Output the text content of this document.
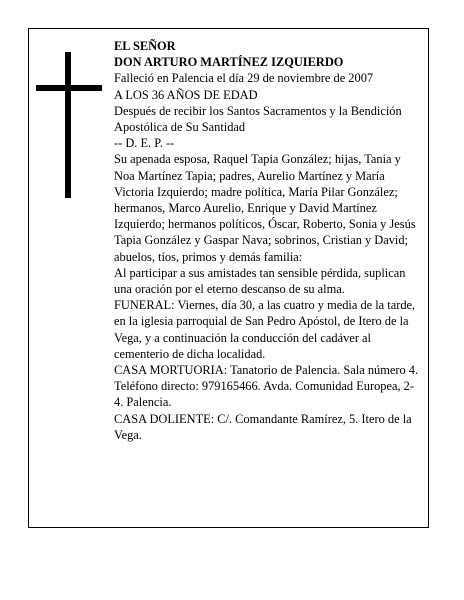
EL SEÑOR

DON ARTURO MARTÍNEZ IZQUIERDO

Falleció en Palencia el día 29 de noviembre de 2007

A LOS 36 AÑOS DE EDAD

Después de recibir los Santos Sacramentos y la Bendición Apostólica de Su Santidad

-- D. E. P. --

Su apenada esposa, Raquel Tapia González; hijas, Tania y Noa Martínez Tapia; padres, Aurelio Martínez y María Victoria Izquierdo; madre política, María Pilar González; hermanos, Marco Aurelio, Enrique y David Martínez Izquierdo; hermanos políticos, Óscar, Roberto, Sonia y Jesús Tapia González y Gaspar Nava; sobrinos, Cristian y David; abuelos, tíos, primos y demás familia:

Al participar a sus amistades tan sensible pérdida, suplican una oración por el eterno descanso de su alma.

FUNERAL: Viernes, día 30, a las cuatro y media de la tarde, en la iglesia parroquial de San Pedro Apóstol, de Itero de la Vega, y a continuación la conducción del cadáver al cementerio de dicha localidad.

CASA MORTUORIA: Tanatorio de Palencia. Sala número 4. Teléfono directo: 979165466. Avda. Comunidad Europea, 2-4. Palencia.

CASA DOLIENTE: C/. Comandante Ramírez, 5. Itero de la Vega.
